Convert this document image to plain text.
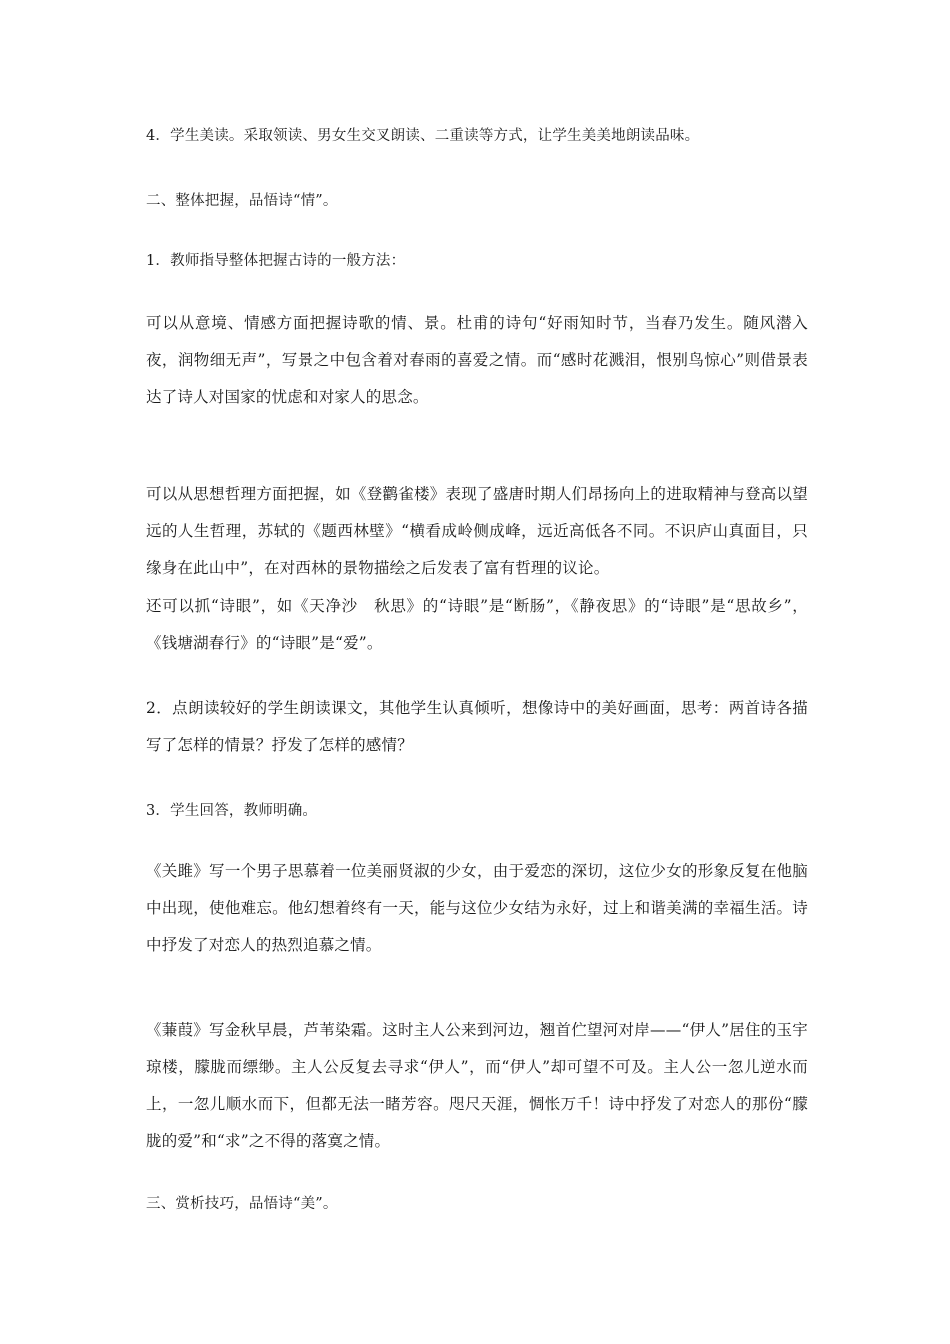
4．学生美读。采取领读、男女生交叉朗读、二重读等方式，让学生美美地朗读品味。

二、整体把握，品悟诗“情”。

1．教师指导整体把握古诗的一般方法：

可以从意境、情感方面把握诗歌的情、景。杜甫的诗句“好雨知时节，当春乃发生。随风潜入夜，润物细无声”，写景之中包含着对春雨的喜爱之情。而“感时花溅泪，恨别鸟惊心”则借景表达了诗人对国家的忧虑和对家人的思念。

可以从思想哲理方面把握，如《登鹳雀楼》表现了盛唐时期人们昂扬向上的进取精神与登高以望远的人生哲理，苏轼的《题西林壁》“横看成岭侧成峰，远近高低各不同。不识庐山真面目，只缘身在此山中”，在对西林的景物描绘之后发表了富有哲理的议论。

还可以抓“诗眼”，如《天净沙　秋思》的“诗眼”是“断肠”，《静夜思》的“诗眼”是“思故乡”，《钱塘湖春行》的“诗眼”是“爱”。

2．点朗读较好的学生朗读课文，其他学生认真倾听，想像诗中的美好画面，思考：两首诗各描写了怎样的情景？抒发了怎样的感情？

3．学生回答，教师明确。

《关雎》写一个男子思慕着一位美丽贤淑的少女，由于爱恋的深切，这位少女的形象反复在他脑中出现，使他难忘。他幻想着终有一天，能与这位少女结为永好，过上和谐美满的幸福生活。诗中抒发了对恋人的热烈追慕之情。

《蒹葭》写金秋早晨，芦苇染霜。这时主人公来到河边，翘首伫望河对岸——“伊人”居住的玉宇琼楼，朦胧而缥缈。主人公反复去寻求“伊人”，而“伊人”却可望不可及。主人公一忽儿逆水而上，一忽儿顺水而下，但都无法一睹芳容。咫尺天涯，惆怅万千！诗中抒发了对恋人的那份“朦胧的爱”和“求”之不得的落寞之情。

三、赏析技巧，品悟诗“美”。
